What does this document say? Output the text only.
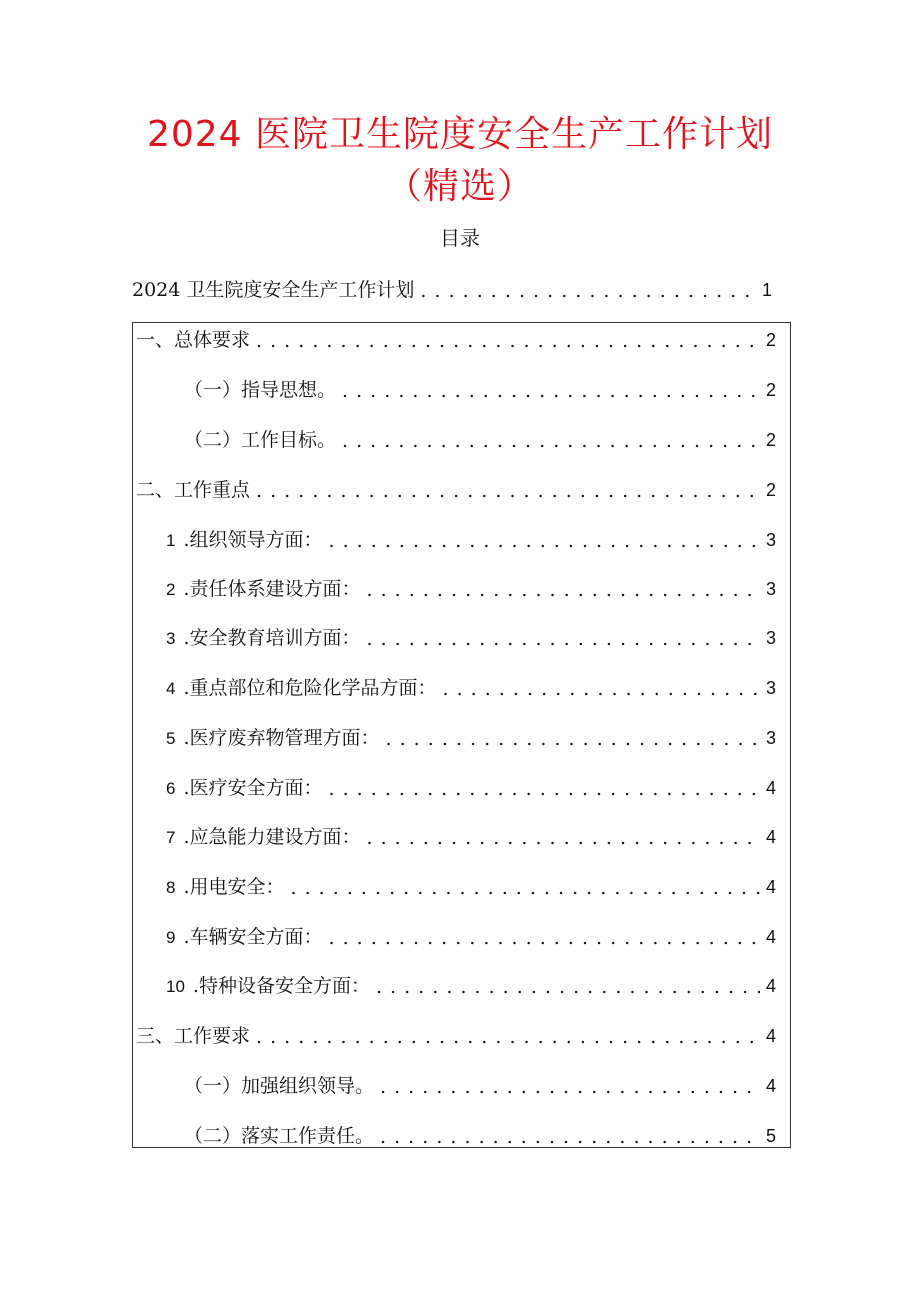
2024 医院卫生院度安全生产工作计划
（精选）
目录
2024 卫生院度安全生产工作计划 . . .	1
一、总体要求 . . .	2
（一）指导思想。 . . .	2
（二）工作目标。 . . .	2
二、工作重点 . . .	2
1 .组织领导方面： . . .	3
2 .责任体系建设方面： . . .	3
3 .安全教育培训方面： . . .	3
4 .重点部位和危险化学品方面： . . .	3
5 .医疗废弃物管理方面： . . .	3
6 .医疗安全方面： . . .	4
7 .应急能力建设方面： . . .	4
8 .用电安全： . . .	4
9 .车辆安全方面： . . .	4
10 .特种设备安全方面： . . .	4
三、工作要求 . . .	4
（一）加强组织领导。 . . .	4
（二）落实工作责任。 . . .	5
